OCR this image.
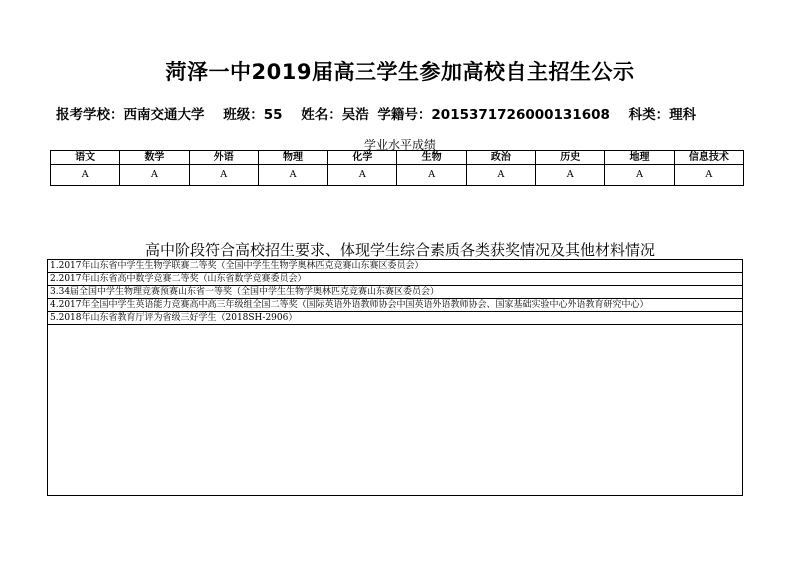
菏泽一中2019届高三学生参加高校自主招生公示
报考学校：西南交通大学 班级：55 姓名：吴浩 学籍号：2015371726000131608 科类：理科
学业水平成绩
语文	数学	外语	物理	化学	生物	政治	历史	地理	信息技术
A	A	A	A	A	A	A	A	A	A
高中阶段符合高校招生要求、体现学生综合素质各类获奖情况及其他材料情况
1.2017年山东省中学生生物学联赛二等奖（全国中学生生物学奥林匹克竞赛山东赛区委员会）
2.2017年山东省高中数学竞赛二等奖（山东省数学竞赛委员会）
3.34届全国中学生物理竞赛预赛山东省一等奖（全国中学生生物学奥林匹克竞赛山东赛区委员会）
4.2017年全国中学生英语能力竞赛高中高三年级组全国二等奖（国际英语外语教师协会中国英语外语教师协会、国家基础实验中心外语教育研究中心）
5.2018年山东省教育厅评为省级三好学生（2018SH-2906）
